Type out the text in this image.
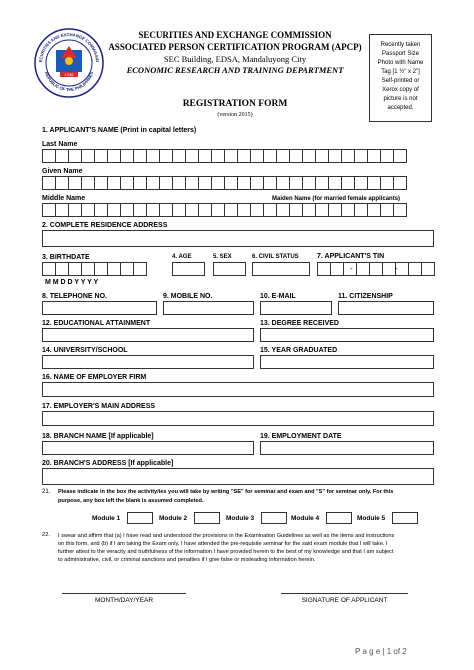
1936
ECURITIES AND EXCHANGE COMMISSIO
REPUBLIC OF THE PHILIPPINES
SECURITIES AND EXCHANGE COMMISSION
ASSOCIATED PERSON CERTIFICATION PROGRAM (APCP)
SEC Building, EDSA, Mandaluyong City
ECONOMIC RESEARCH AND TRAINING DEPARTMENT
Recently taken
Passport Size
Photo with Name
Tag [1 ½" x 2"]
Self-printed or
Xerox copy of
picture is not
accepted.
REGISTRATION FORM
(version 2015)
1. APPLICANT'S NAME (Print in capital letters)
Last Name
Given Name
Middle Name	Maiden Name (for married female applicants)
2. COMPLETE RESIDENCE ADDRESS
3. BIRTHDATE	4. AGE	5. SEX	6. CIVIL STATUS	7. APPLICANT'S TIN
-	-
M M D D Y Y Y Y
8. TELEPHONE NO.	9. MOBILE NO.	10. E-MAIL	11. CITIZENSHIP
12. EDUCATIONAL ATTAINMENT	13. DEGREE RECEIVED
14. UNIVERSITY/SCHOOL	15. YEAR GRADUATED
16. NAME OF EMPLOYER FIRM
17. EMPLOYER'S MAIN ADDRESS
18. BRANCH NAME [If applicable]	19. EMPLOYMENT DATE
20. BRANCH'S ADDRESS [If applicable]
21. Please indicate in the box the activity/ies you will take by writing "SE" for seminar and exam and "S" for seminar only. For this
purpose, any box left the blank is assumed completed.
Module 1	Module 2	Module 3	Module 4	Module 5
22. I swear and affirm that (a) I have read and understood the provisions in the Examination Guidelines as well as the items and instructions
on this form, and (b) if I am taking the Exam only, I have attended the pre-requisite seminar for the said exam module that I will take. I
further attest to the veracity and truthfulness of the information I have provided herein to the best of my knowledge and that I am subject
to administrative, civil, or criminal sanctions and penalties if I give false or misleading information herein.
MONTH/DAY/YEAR	SIGNATURE OF APPLICANT
P a g e | 1 of 2
